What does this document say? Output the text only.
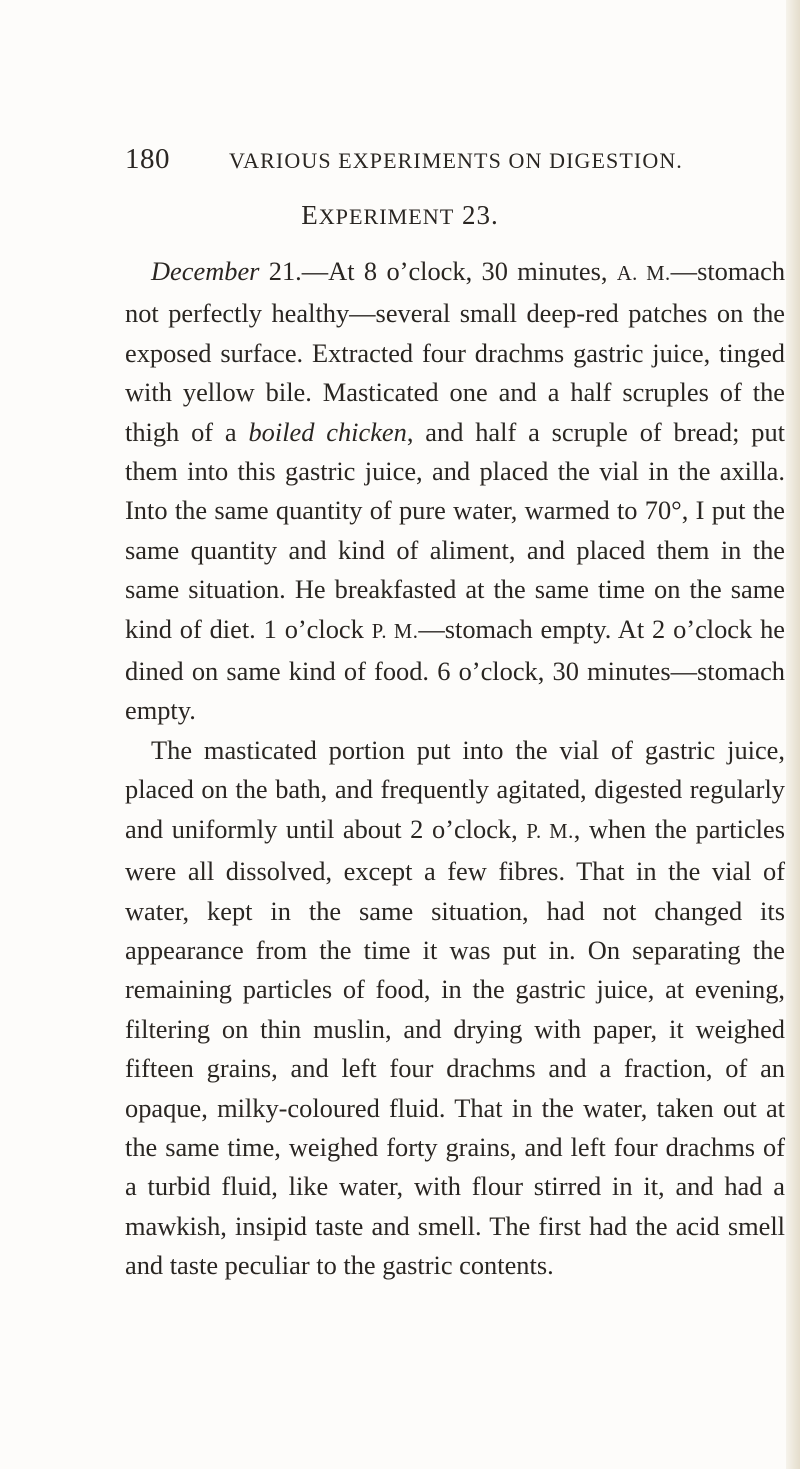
180	VARIOUS EXPERIMENTS ON DIGESTION.
EXPERIMENT 23.

December 21.—At 8 o’clock, 30 minutes, A. M.—stomach not perfectly healthy—several small deep-red patches on the exposed surface. Extracted four drachms gastric juice, tinged with yellow bile. Masticated one and a half scruples of the thigh of a boiled chicken, and half a scruple of bread; put them into this gastric juice, and placed the vial in the axilla. Into the same quantity of pure water, warmed to 70°, I put the same quantity and kind of aliment, and placed them in the same situation. He breakfasted at the same time on the same kind of diet. 1 o’clock P. M.—stomach empty. At 2 o’clock he dined on same kind of food. 6 o’clock, 30 minutes—stomach empty.

The masticated portion put into the vial of gastric juice, placed on the bath, and frequently agitated, digested regularly and uniformly until about 2 o’clock, P. M., when the particles were all dissolved, except a few fibres. That in the vial of water, kept in the same situation, had not changed its appearance from the time it was put in. On separating the remaining particles of food, in the gastric juice, at evening, filtering on thin muslin, and drying with paper, it weighed fifteen grains, and left four drachms and a fraction, of an opaque, milky-coloured fluid. That in the water, taken out at the same time, weighed forty grains, and left four drachms of a turbid fluid, like water, with flour stirred in it, and had a mawkish, insipid taste and smell. The first had the acid smell and taste peculiar to the gastric contents.
